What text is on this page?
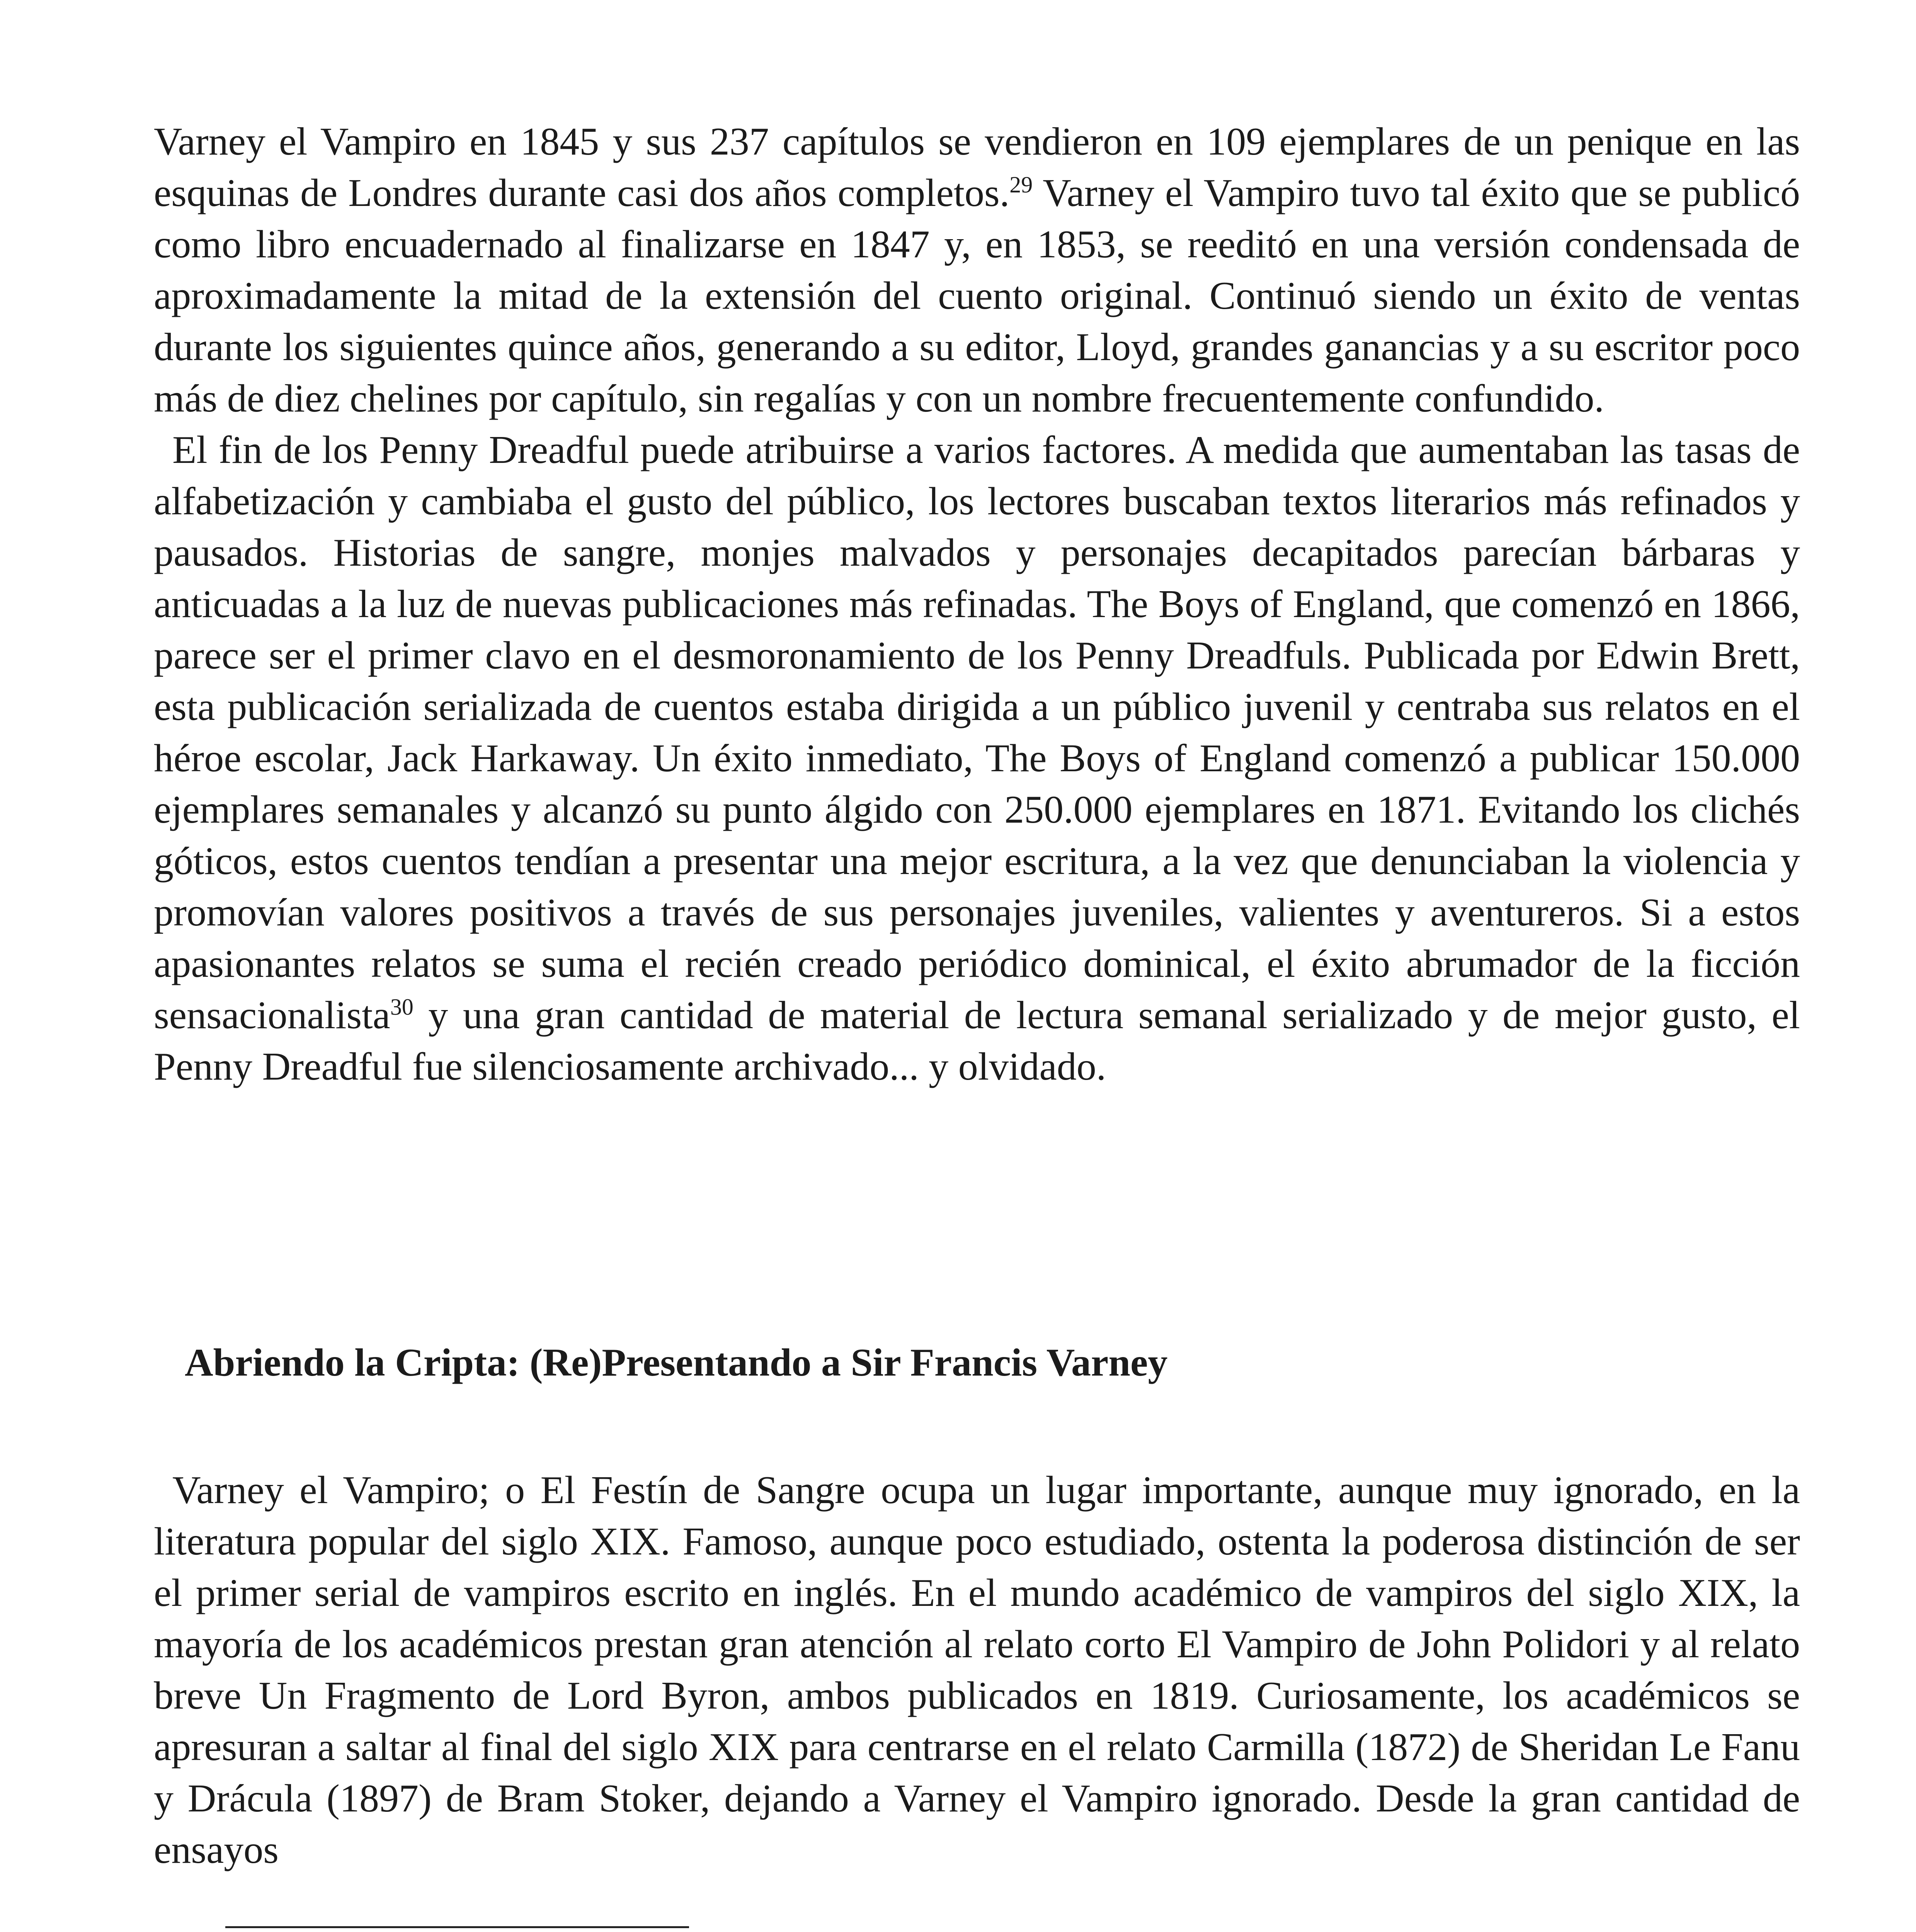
Varney el Vampiro en 1845 y sus 237 capítulos se vendieron en 109 ejemplares de un penique en las esquinas de Londres durante casi dos años completos.$^{29}$ Varney el Vampiro tuvo tal éxito que se publicó como libro encuadernado al finalizarse en 1847 y, en 1853, se reeditó en una versión condensada de aproximadamente la mitad de la extensión del cuento original. Continuó siendo un éxito de ventas durante los siguientes quince años, generando a su editor, Lloyd, grandes ganancias y a su escritor poco más de diez chelines por capítulo, sin regalías y con un nombre frecuentemente confundido.

El fin de los Penny Dreadful puede atribuirse a varios factores. A medida que aumentaban las tasas de alfabetización y cambiaba el gusto del público, los lectores buscaban textos literarios más refinados y pausados. Historias de sangre, monjes malvados y personajes decapitados parecían bárbaras y anticuadas a la luz de nuevas publicaciones más refinadas. The Boys of England, que comenzó en 1866, parece ser el primer clavo en el desmoronamiento de los Penny Dreadfuls. Publicada por Edwin Brett, esta publicación serializada de cuentos estaba dirigida a un público juvenil y centraba sus relatos en el héroe escolar, Jack Harkaway. Un éxito inmediato, The Boys of England comenzó a publicar 150.000 ejemplares semanales y alcanzó su punto álgido con 250.000 ejemplares en 1871. Evitando los clichés góticos, estos cuentos tendían a presentar una mejor escritura, a la vez que denunciaban la violencia y promovían valores positivos a través de sus personajes juveniles, valientes y aventureros. Si a estos apasionantes relatos se suma el recién creado periódico dominical, el éxito abrumador de la ficción sensacionalista$^{30}$ y una gran cantidad de material de lectura semanal serializado y de mejor gusto, el Penny Dreadful fue silenciosamente archivado... y olvidado.

Abriendo la Cripta: (Re)Presentando a Sir Francis Varney

Varney el Vampiro; o El Festín de Sangre ocupa un lugar importante, aunque muy ignorado, en la literatura popular del siglo XIX. Famoso, aunque poco estudiado, ostenta la poderosa distinción de ser el primer serial de vampiros escrito en inglés. En el mundo académico de vampiros del siglo XIX, la mayoría de los académicos prestan gran atención al relato corto El Vampiro de John Polidori y al relato breve Un Fragmento de Lord Byron, ambos publicados en 1819. Curiosamente, los académicos se apresuran a saltar al final del siglo XIX para centrarse en el relato Carmilla (1872) de Sheridan Le Fanu y Drácula (1897) de Bram Stoker, dejando a Varney el Vampiro ignorado. Desde la gran cantidad de ensayos
